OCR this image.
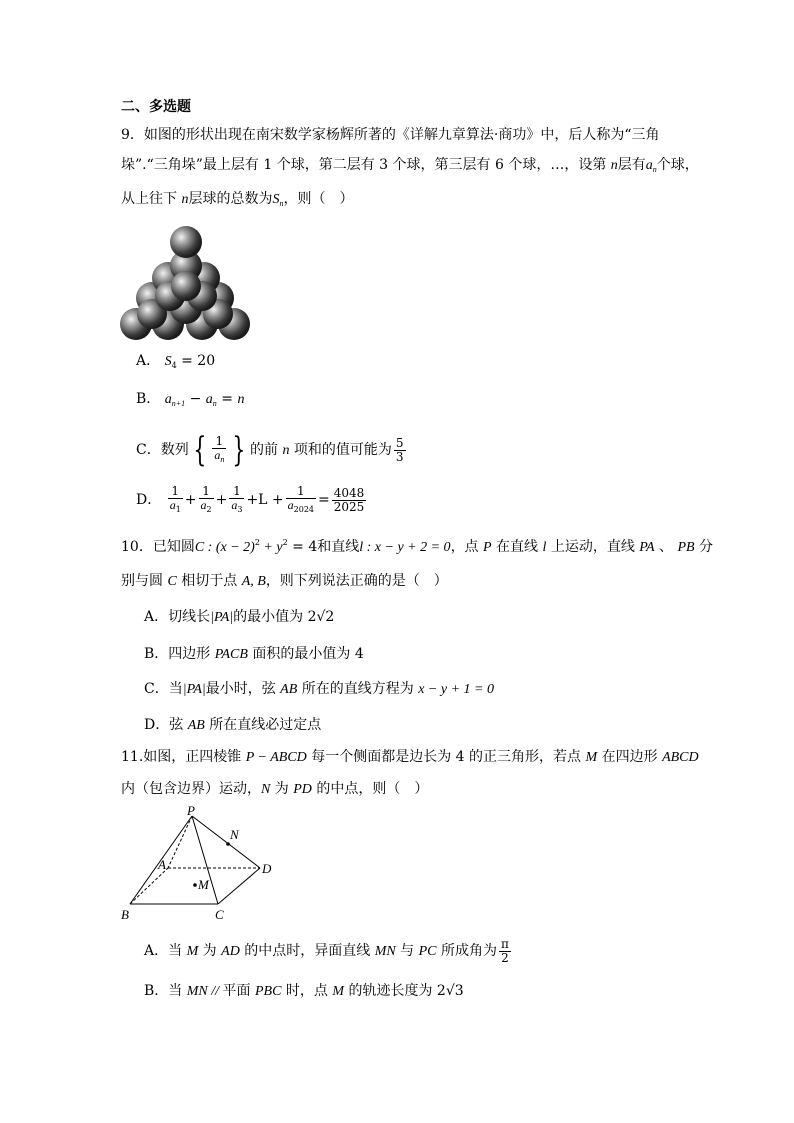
二、多选题
9．如图的形状出现在南宋数学家杨辉所著的《详解九章算法·商功》中，后人称为“三角
垛”.“三角垛”最上层有 1 个球，第二层有 3 个球，第三层有 6 个球，…，设第 n层有$a_n$个球，
从上往下 n层球的总数为$S_n$，则（　）
A． $S_4 = 20$
B． $a_{n+1} - a_n = n$
C．数列 { $\frac{1}{a_n}$ } 的前 n 项和的值可能为 $\frac{5}{3}$
D． $\frac{1}{a_1} + \frac{1}{a_2} + \frac{1}{a_3} +L + \frac{1}{a_{2024}} = \frac{4048}{2025}$
10．已知圆C : $(x - 2)^2 + y^2 = 4$和直线l : x − y + 2 = 0，点 P 在直线 l 上运动，直线 PA 、 PB 分
别与圆 C 相切于点 A, B，则下列说法正确的是（　）
A．切线长|PA|的最小值为 2√2
B．四边形 PACB 面积的最小值为 4
C．当|PA|最小时，弦 AB 所在的直线方程为 x − y + 1 = 0
D．弦 AB 所在直线必过定点
11.如图，正四棱锥 P − ABCD 每一个侧面都是边长为 4 的正三角形，若点 M 在四边形 ABCD
内（包含边界）运动，N 为 PD 的中点，则（　）
P
N
A	D
M
B	C
A．当 M 为 AD 的中点时，异面直线 MN 与 PC 所成角为 $\frac{\pi}{2}$
B．当 MN // 平面 PBC 时，点 M 的轨迹长度为 2√3
